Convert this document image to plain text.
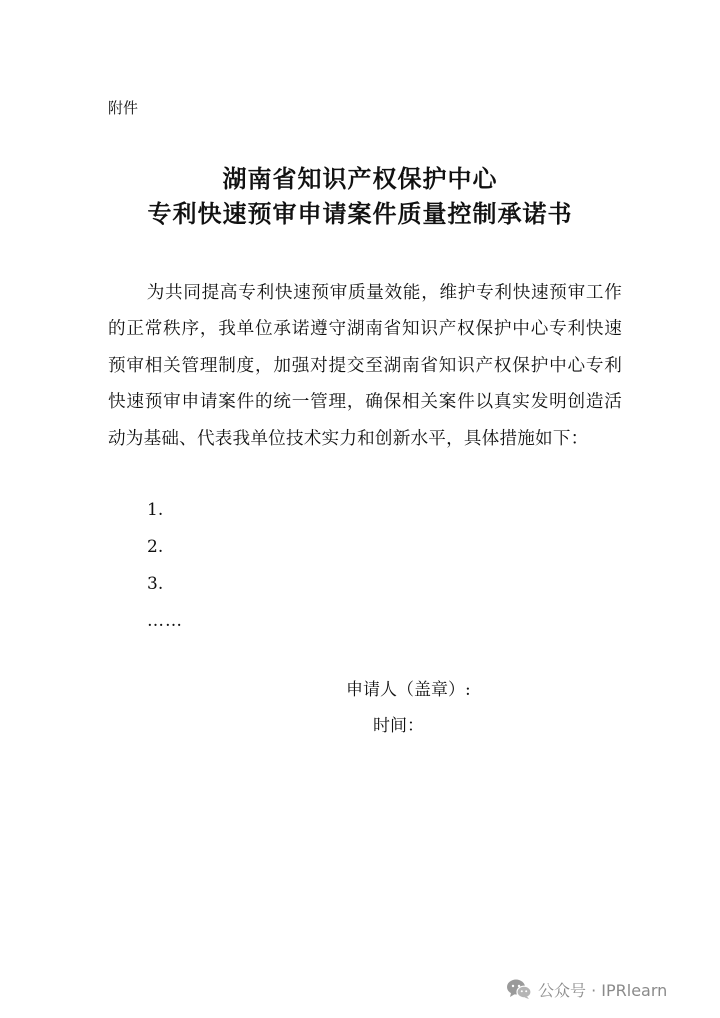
附件
湖南省知识产权保护中心
专利快速预审申请案件质量控制承诺书

为共同提高专利快速预审质量效能，维护专利快速预审工作的正常秩序，我单位承诺遵守湖南省知识产权保护中心专利快速预审相关管理制度，加强对提交至湖南省知识产权保护中心专利快速预审申请案件的统一管理，确保相关案件以真实发明创造活动为基础、代表我单位技术实力和创新水平，具体措施如下：

1.
2.
3.
……
申请人（盖章）:
时间：
公众号 · IPRlearn
